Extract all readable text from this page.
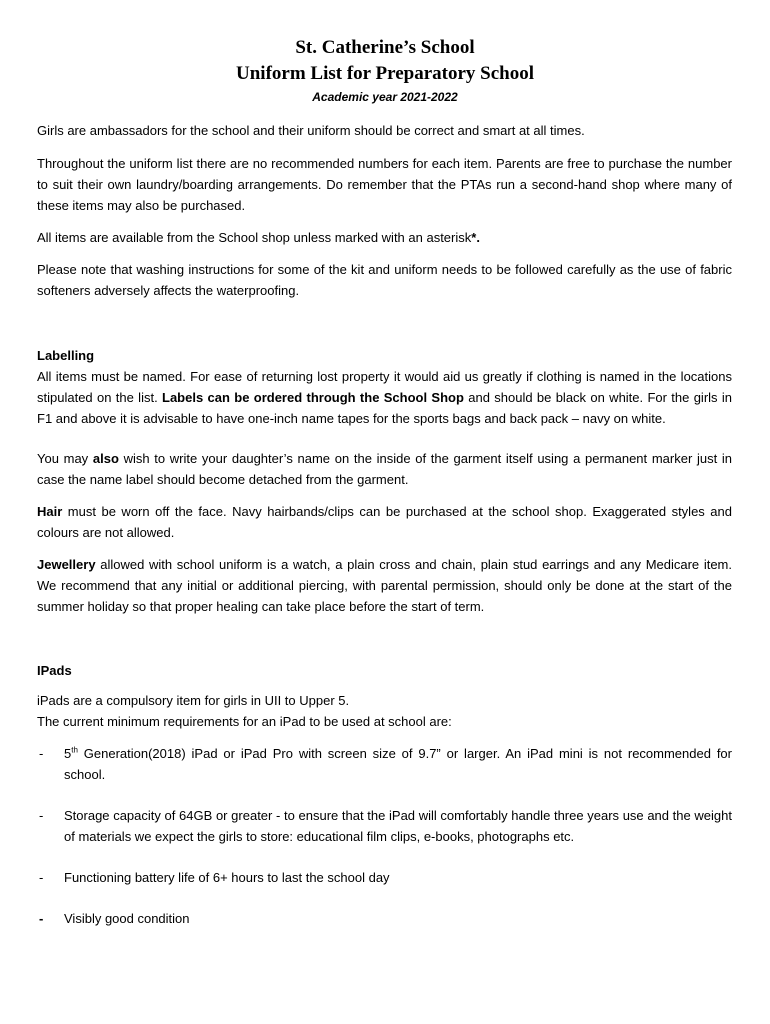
St. Catherine’s School
Uniform List for Preparatory School

Academic year 2021-2022

Girls are ambassadors for the school and their uniform should be correct and smart at all times.

Throughout the uniform list there are no recommended numbers for each item. Parents are free to purchase the number to suit their own laundry/boarding arrangements. Do remember that the PTAs run a second-hand shop where many of these items may also be purchased.

All items are available from the School shop unless marked with an asterisk*.

Please note that washing instructions for some of the kit and uniform needs to be followed carefully as the use of fabric softeners adversely affects the waterproofing.

Labelling

All items must be named. For ease of returning lost property it would aid us greatly if clothing is named in the locations stipulated on the list. Labels can be ordered through the School Shop and should be black on white. For the girls in F1 and above it is advisable to have one-inch name tapes for the sports bags and back pack – navy on white.

You may also wish to write your daughter’s name on the inside of the garment itself using a permanent marker just in case the name label should become detached from the garment.

Hair must be worn off the face. Navy hairbands/clips can be purchased at the school shop. Exaggerated styles and colours are not allowed.

Jewellery allowed with school uniform is a watch, a plain cross and chain, plain stud earrings and any Medicare item. We recommend that any initial or additional piercing, with parental permission, should only be done at the start of the summer holiday so that proper healing can take place before the start of term.

IPads

iPads are a compulsory item for girls in UII to Upper 5.

The current minimum requirements for an iPad to be used at school are:

- 5th Generation(2018) iPad or iPad Pro with screen size of 9.7” or larger. An iPad mini is not recommended for school.
- Storage capacity of 64GB or greater - to ensure that the iPad will comfortably handle three years use and the weight of materials we expect the girls to store: educational film clips, e-books, photographs etc.
- Functioning battery life of 6+ hours to last the school day
- Visibly good condition
